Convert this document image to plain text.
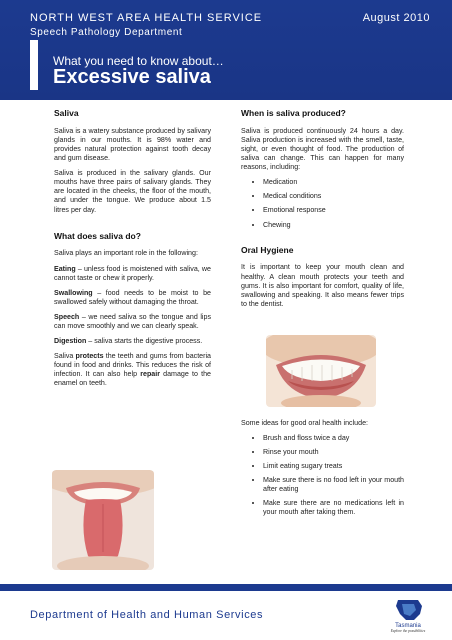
NORTH WEST AREA HEALTH SERVICE
Speech Pathology Department
August 2010
What you need to know about…
Excessive saliva
Saliva

Saliva is a watery substance produced by salivary glands in our mouths. It is 98% water and provides natural protection against tooth decay and gum disease.

Saliva is produced in the salivary glands. Our mouths have three pairs of salivary glands. They are located in the cheeks, the floor of the mouth, and under the tongue. We produce about 1.5 litres per day.

What does saliva do?

Saliva plays an important role in the following:

Eating – unless food is moistened with saliva, we cannot taste or chew it properly.

Swallowing – food needs to be moist to be swallowed safely without damaging the throat.

Speech – we need saliva so the tongue and lips can move smoothly and we can clearly speak.

Digestion – saliva starts the digestive process.

Saliva protects the teeth and gums from bacteria found in food and drinks. This reduces the risk of infection. It can also help repair damage to the enamel on teeth.

When is saliva produced?

Saliva is produced continuously 24 hours a day. Saliva production is increased with the smell, taste, sight, or even thought of food. The production of saliva can change. This can happen for many reasons, including:

• Medication
• Medical conditions
• Emotional response
• Chewing
Oral Hygiene

It is important to keep your mouth clean and healthy. A clean mouth protects your teeth and gums. It is also important for comfort, quality of life, swallowing and speaking. It also means fewer trips to the dentist.

Some ideas for good oral health include:

• Brush and floss twice a day
• Rinse your mouth
• Limit eating sugary treats
• Make sure there is no food left in your mouth after eating
• Make sure there are no medications left in your mouth after taking them.
Department of Health and Human Services
Tasmania
Explore the possibilities
